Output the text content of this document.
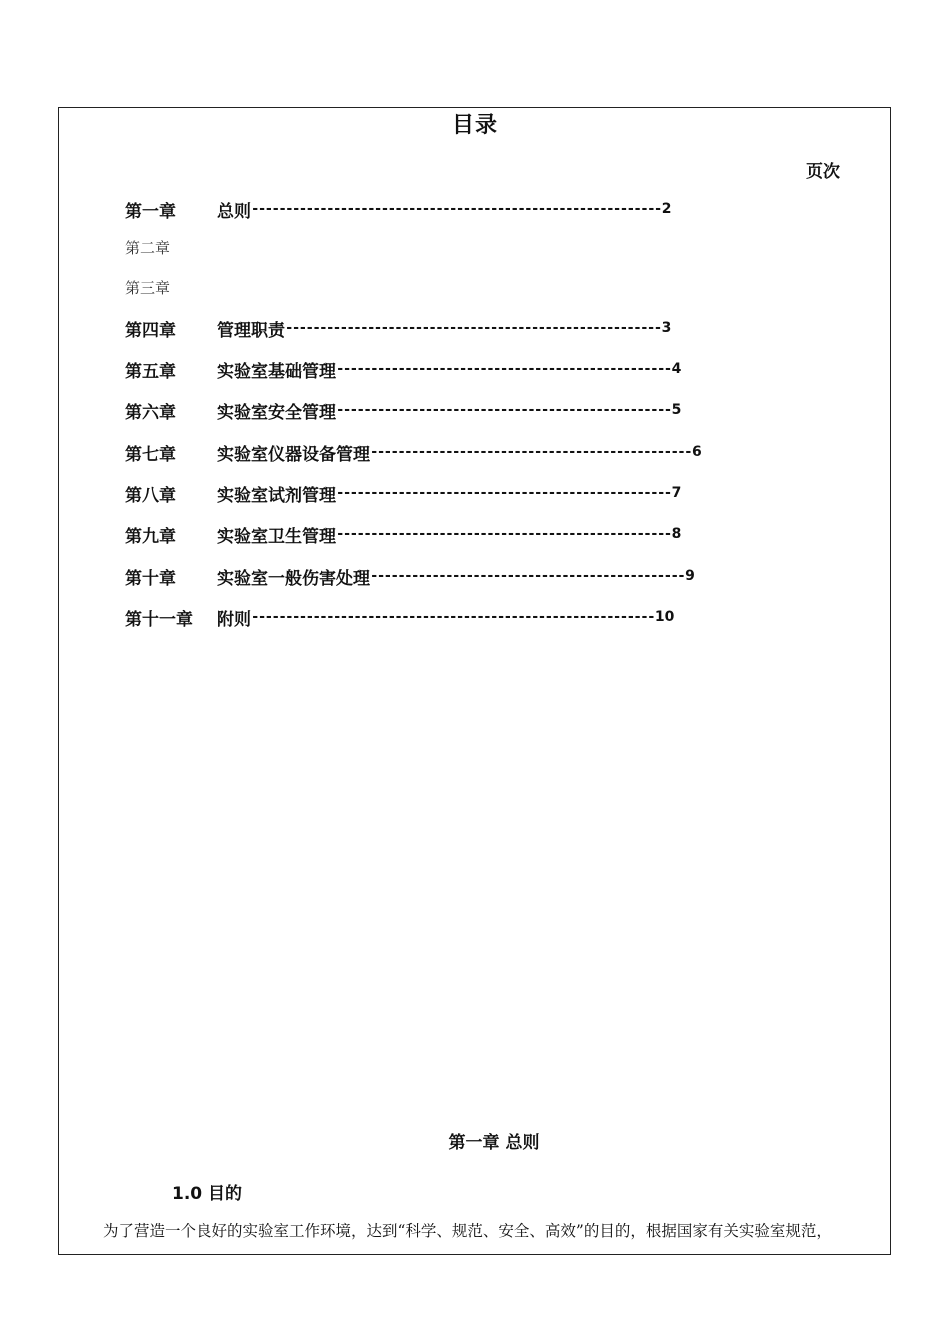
目录
页次
第一章	总则 ------------------------------------------------------------ 2
第二章
第三章
第四章	管理职责 ------------------------------------------------------- 3
第五章	实验室基础管理 ------------------------------------------------- 4
第六章	实验室安全管理 ------------------------------------------------- 5
第七章	实验室仪器设备管理 ----------------------------------------------- 6
第八章	实验室试剂管理 ------------------------------------------------- 7
第九章	实验室卫生管理 ------------------------------------------------- 8
第十章	实验室一般伤害处理 ---------------------------------------------- 9
第十一章	附则 ----------------------------------------------------------- 10
第一章 总则
1.0 目的
为了营造一个良好的实验室工作环境，达到“科学、规范、安全、高效”的目的，根据国家有关实验室规范，
